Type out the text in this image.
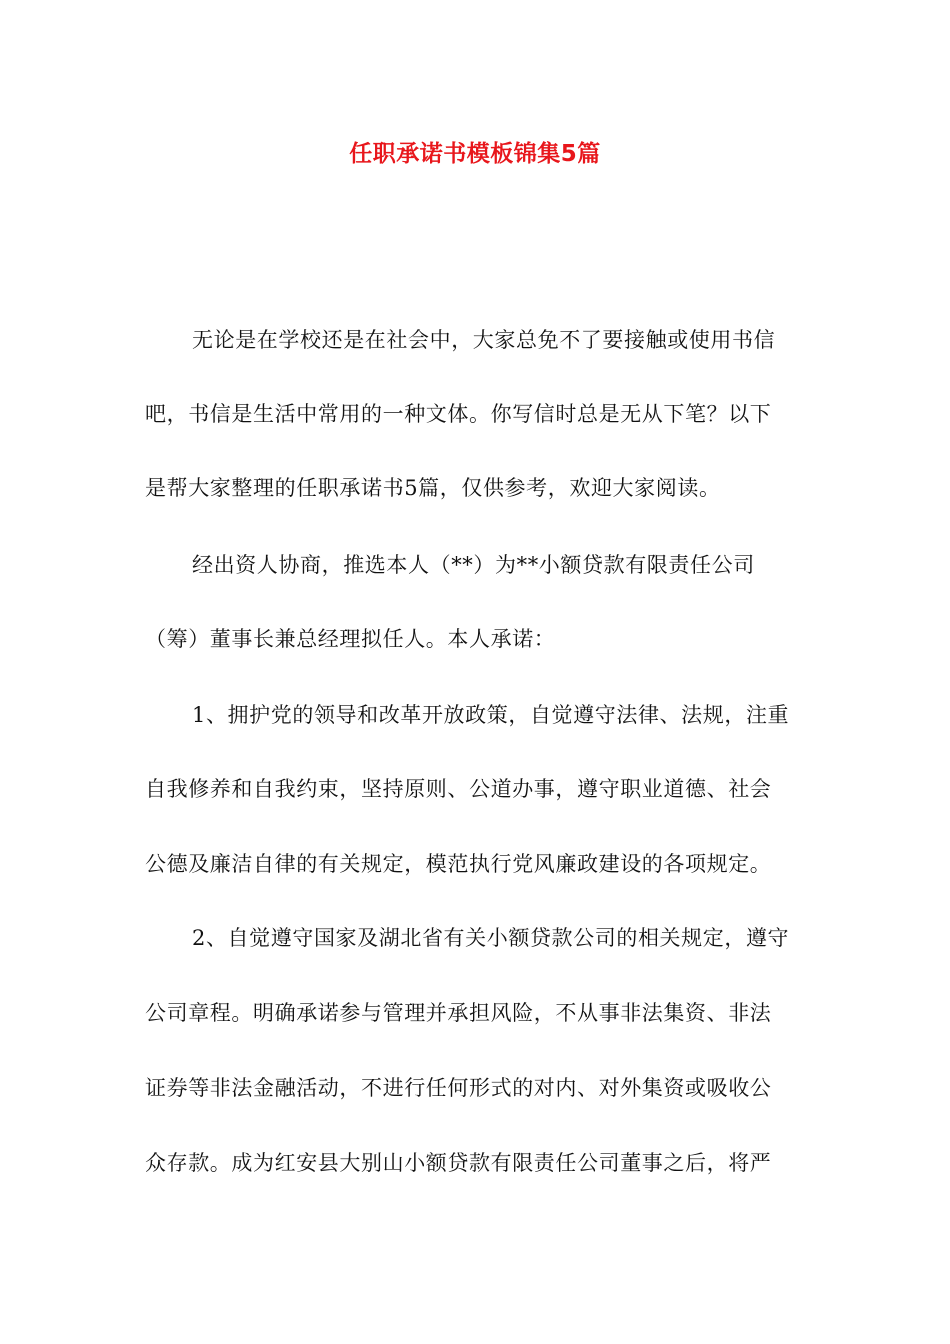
任职承诺书模板锦集5篇
无论是在学校还是在社会中，大家总免不了要接触或使用书信
吧，书信是生活中常用的一种文体。你写信时总是无从下笔？以下
是帮大家整理的任职承诺书5篇，仅供参考，欢迎大家阅读。
经出资人协商，推选本人（**）为**小额贷款有限责任公司
（筹）董事长兼总经理拟任人。本人承诺：
1、拥护党的领导和改革开放政策，自觉遵守法律、法规，注重
自我修养和自我约束，坚持原则、公道办事，遵守职业道德、社会
公德及廉洁自律的有关规定，模范执行党风廉政建设的各项规定。
2、自觉遵守国家及湖北省有关小额贷款公司的相关规定，遵守
公司章程。明确承诺参与管理并承担风险，不从事非法集资、非法
证券等非法金融活动，不进行任何形式的对内、对外集资或吸收公
众存款。成为红安县大别山小额贷款有限责任公司董事之后，将严
